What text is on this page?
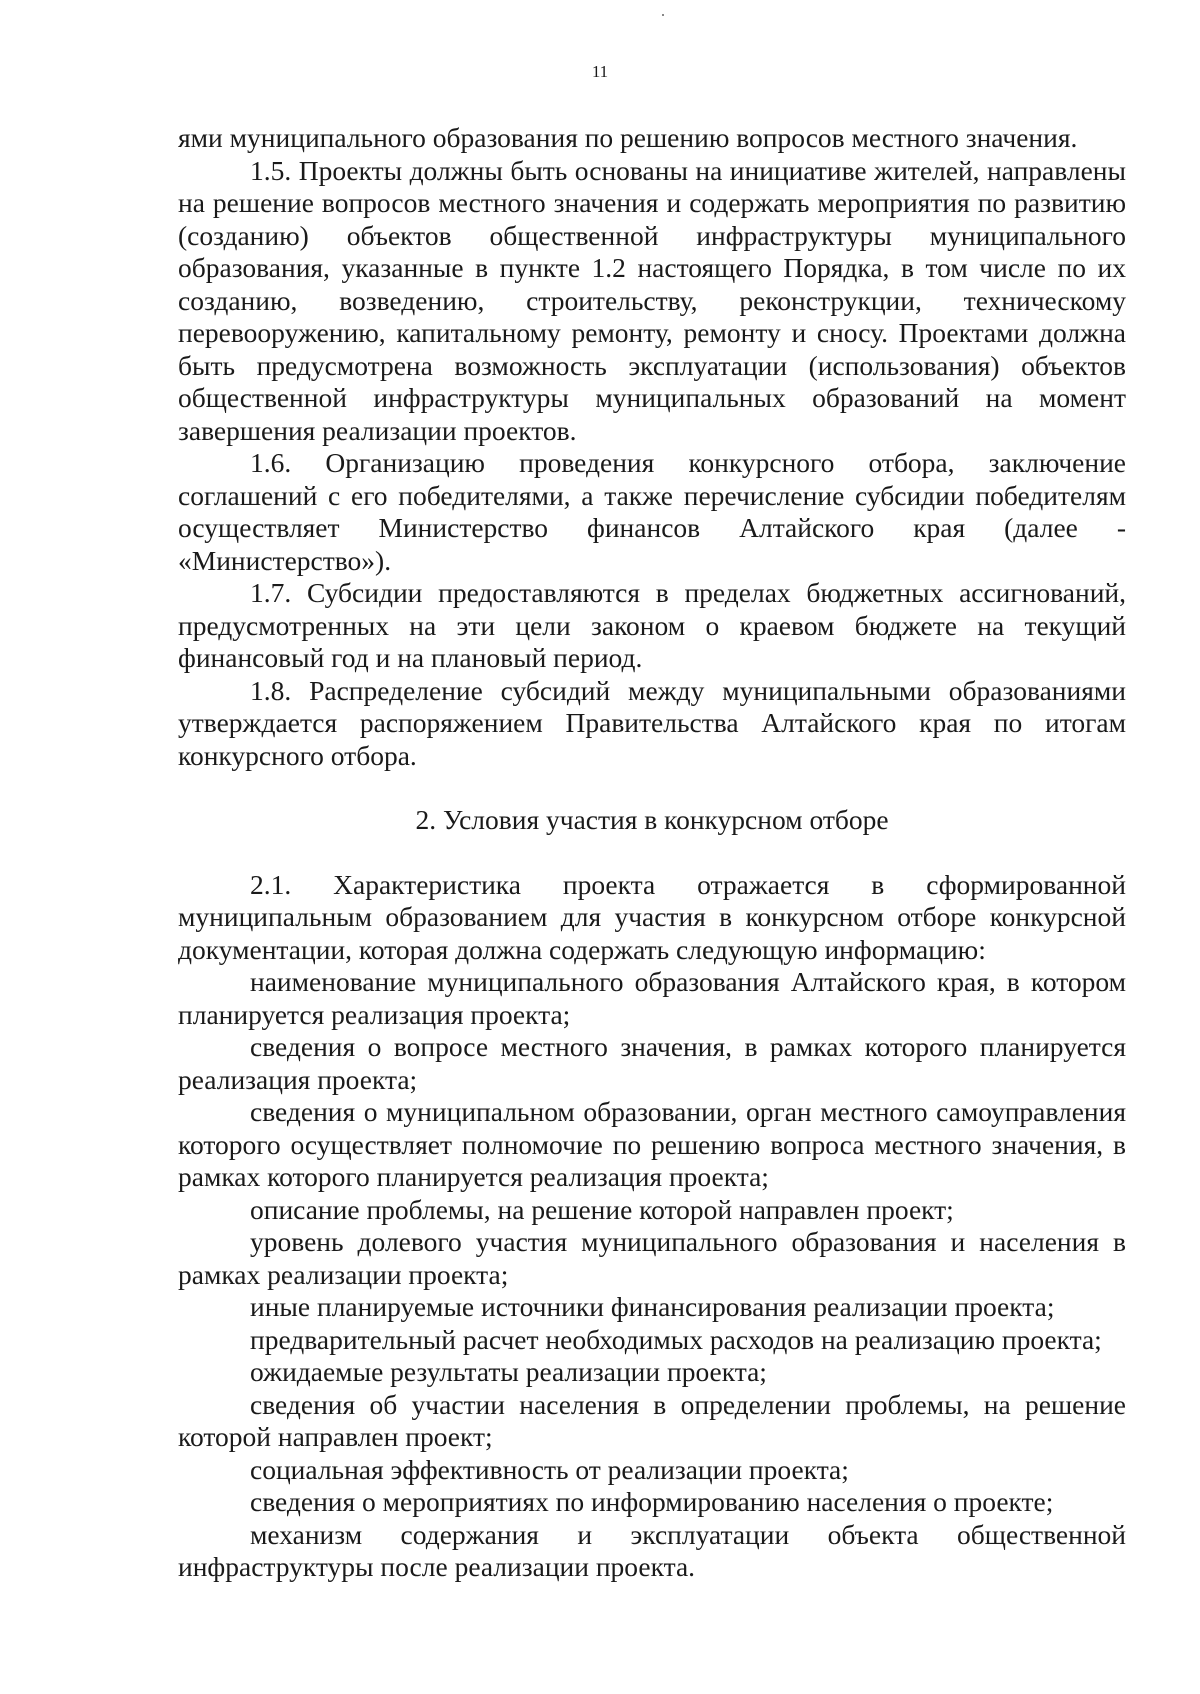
11

ями муниципального образования по решению вопросов местного значения.

1.5. Проекты должны быть основаны на инициативе жителей, направлены на решение вопросов местного значения и содержать мероприятия по развитию (созданию) объектов общественной инфраструктуры муниципального образования, указанные в пункте 1.2 настоящего Порядка, в том числе по их созданию, возведению, строительству, реконструкции, техническому перевооружению, капитальному ремонту, ремонту и сносу. Проектами должна быть предусмотрена возможность эксплуатации (использования) объектов общественной инфраструктуры муниципальных образований на момент завершения реализации проектов.

1.6. Организацию проведения конкурсного отбора, заключение соглашений с его победителями, а также перечисление субсидии победителям осуществляет Министерство финансов Алтайского края (далее - «Министерство»).

1.7. Субсидии предоставляются в пределах бюджетных ассигнований, предусмотренных на эти цели законом о краевом бюджете на текущий финансовый год и на плановый период.

1.8. Распределение субсидий между муниципальными образованиями утверждается распоряжением Правительства Алтайского края по итогам конкурсного отбора.

2. Условия участия в конкурсном отборе

2.1. Характеристика проекта отражается в сформированной муниципальным образованием для участия в конкурсном отборе конкурсной документации, которая должна содержать следующую информацию:

наименование муниципального образования Алтайского края, в котором планируется реализация проекта;

сведения о вопросе местного значения, в рамках которого планируется реализация проекта;

сведения о муниципальном образовании, орган местного самоуправления которого осуществляет полномочие по решению вопроса местного значения, в рамках которого планируется реализация проекта;

описание проблемы, на решение которой направлен проект;

уровень долевого участия муниципального образования и населения в рамках реализации проекта;

иные планируемые источники финансирования реализации проекта;

предварительный расчет необходимых расходов на реализацию проекта;

ожидаемые результаты реализации проекта;

сведения об участии населения в определении проблемы, на решение которой направлен проект;

социальная эффективность от реализации проекта;

сведения о мероприятиях по информированию населения о проекте;

механизм содержания и эксплуатации объекта общественной инфраструктуры после реализации проекта.
